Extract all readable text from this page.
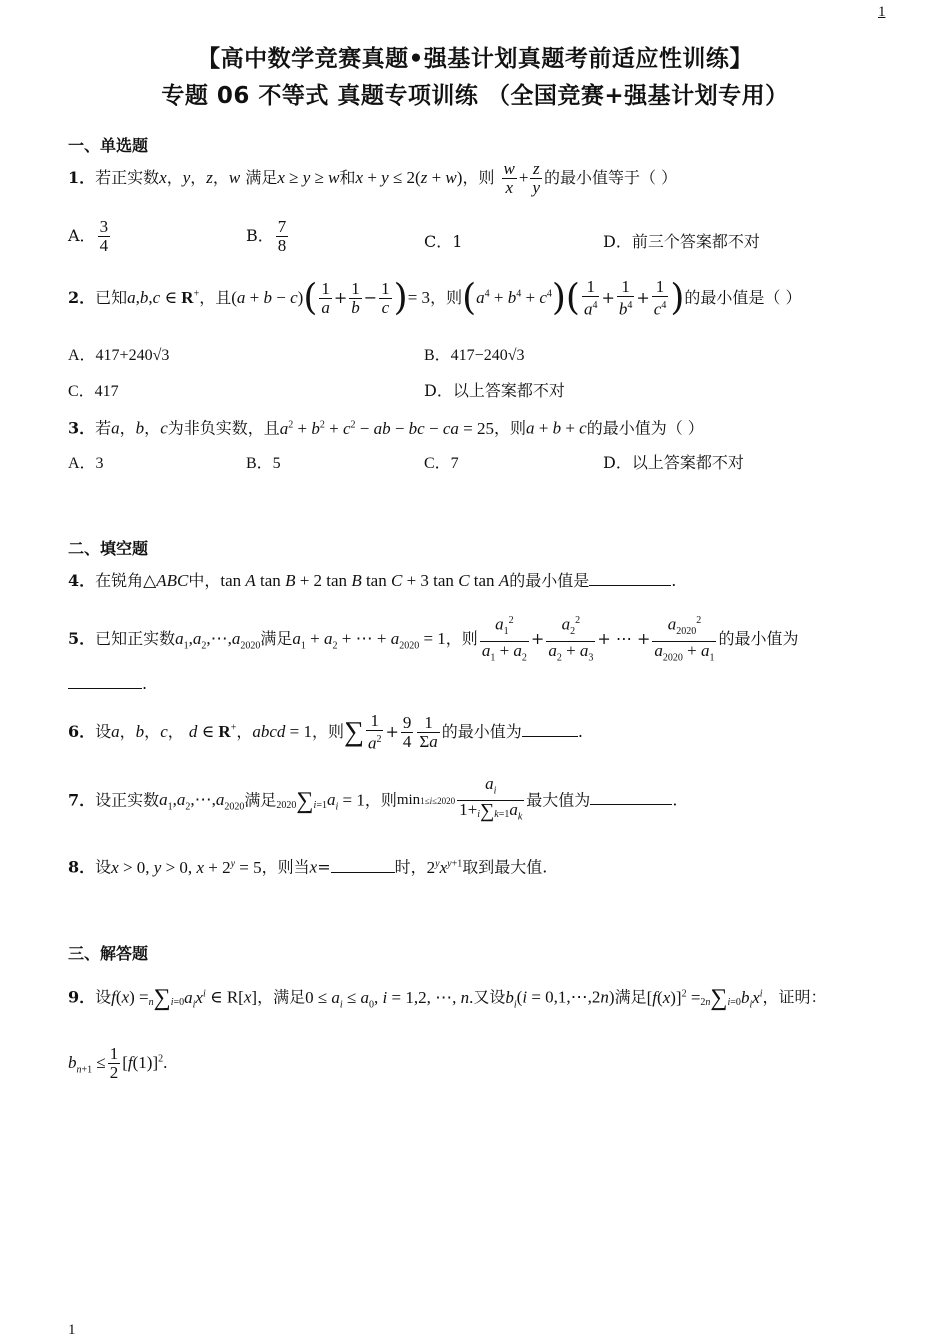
1
【高中数学竞赛真题•强基计划真题考前适应性训练】
专题 06 不等式 真题专项训练 （全国竞赛+强基计划专用）
一、单选题
1．若正实数x，y，z，w 满足x ≥ y ≥ w和x + y ≤ 2(z + w)，则 $\frac{w}{x} + \frac{z}{y}$ 的最小值等于（ ）
A． $\frac{3}{4}$	B． $\frac{7}{8}$	C．1	D．前三个答案都不对
2．已知a,b,c ∈ R+，且$(a + b - c)( \frac{1}{a} + \frac{1}{b} - \frac{1}{c}$ )= 3，则$(a^4 + b^4 + c^4)( \frac{1}{a^4} + \frac{1}{b^4} + \frac{1}{c^4}$ )的最小值是（ ）
A．417+240√3	B．417−240√3
C．417	D．以上答案都不对
3．若a，b，c为非负实数，且$a^2 + b^2 + c^2$ − ab − bc − ca = 25，则a + b + c的最小值为（ ）
A．3	B．5	C．7	D．以上答案都不对
二、填空题
4．在锐角△ABC中，tan A tan B + 2 tan B tan C + 3 tan C tan A的最小值是	.
5．已知正实数$a_1,a_2,\cdots,a_{2020}$满足$a_1 + a_2$ + ⋯ + $a_{2020} = 1$，则 $\frac{a_1^2}{a_1 + a_2} + \frac{a_2^2}{a_2 + a_3}$ + ⋯ + $\frac{a_{2020}^2}{a_{2020} + a_1}$ 的最小值为
.
6．设a，b，c， d ∈ R+，abcd = 1，则∑ $\frac{1}{a^2} + \frac{9}{4} \frac{1}{\Sigma a}$ 的最小值为	.
7．设正实数$a_1,a_2,\cdots,a_{2020}$满足$2020\sum i=1a_i = 1$，则$\min 1\le i\le 2020 \frac{a_i}{1+i\sum k=1a_k}$ 最大值为	.
8．设x > 0, y > 0, $x + 2^y = 5$，则当x=	时，$2^yx^{y+1}$取到最大值.
三、解答题
9．设$f(x) =n\sum i=0a_ix^i$ ∈ R[x]，满足$0 \le a_i \le a_0$, i = 1,2, ⋯, n.又设$b_i(i$ = 0,1,⋯,2n)满足$[f(x)]^2 =2n\sum i=0b_ix^i$，证明：
$b_{n+1} \le \frac{1}{2} [f(1)]^2$.
1
